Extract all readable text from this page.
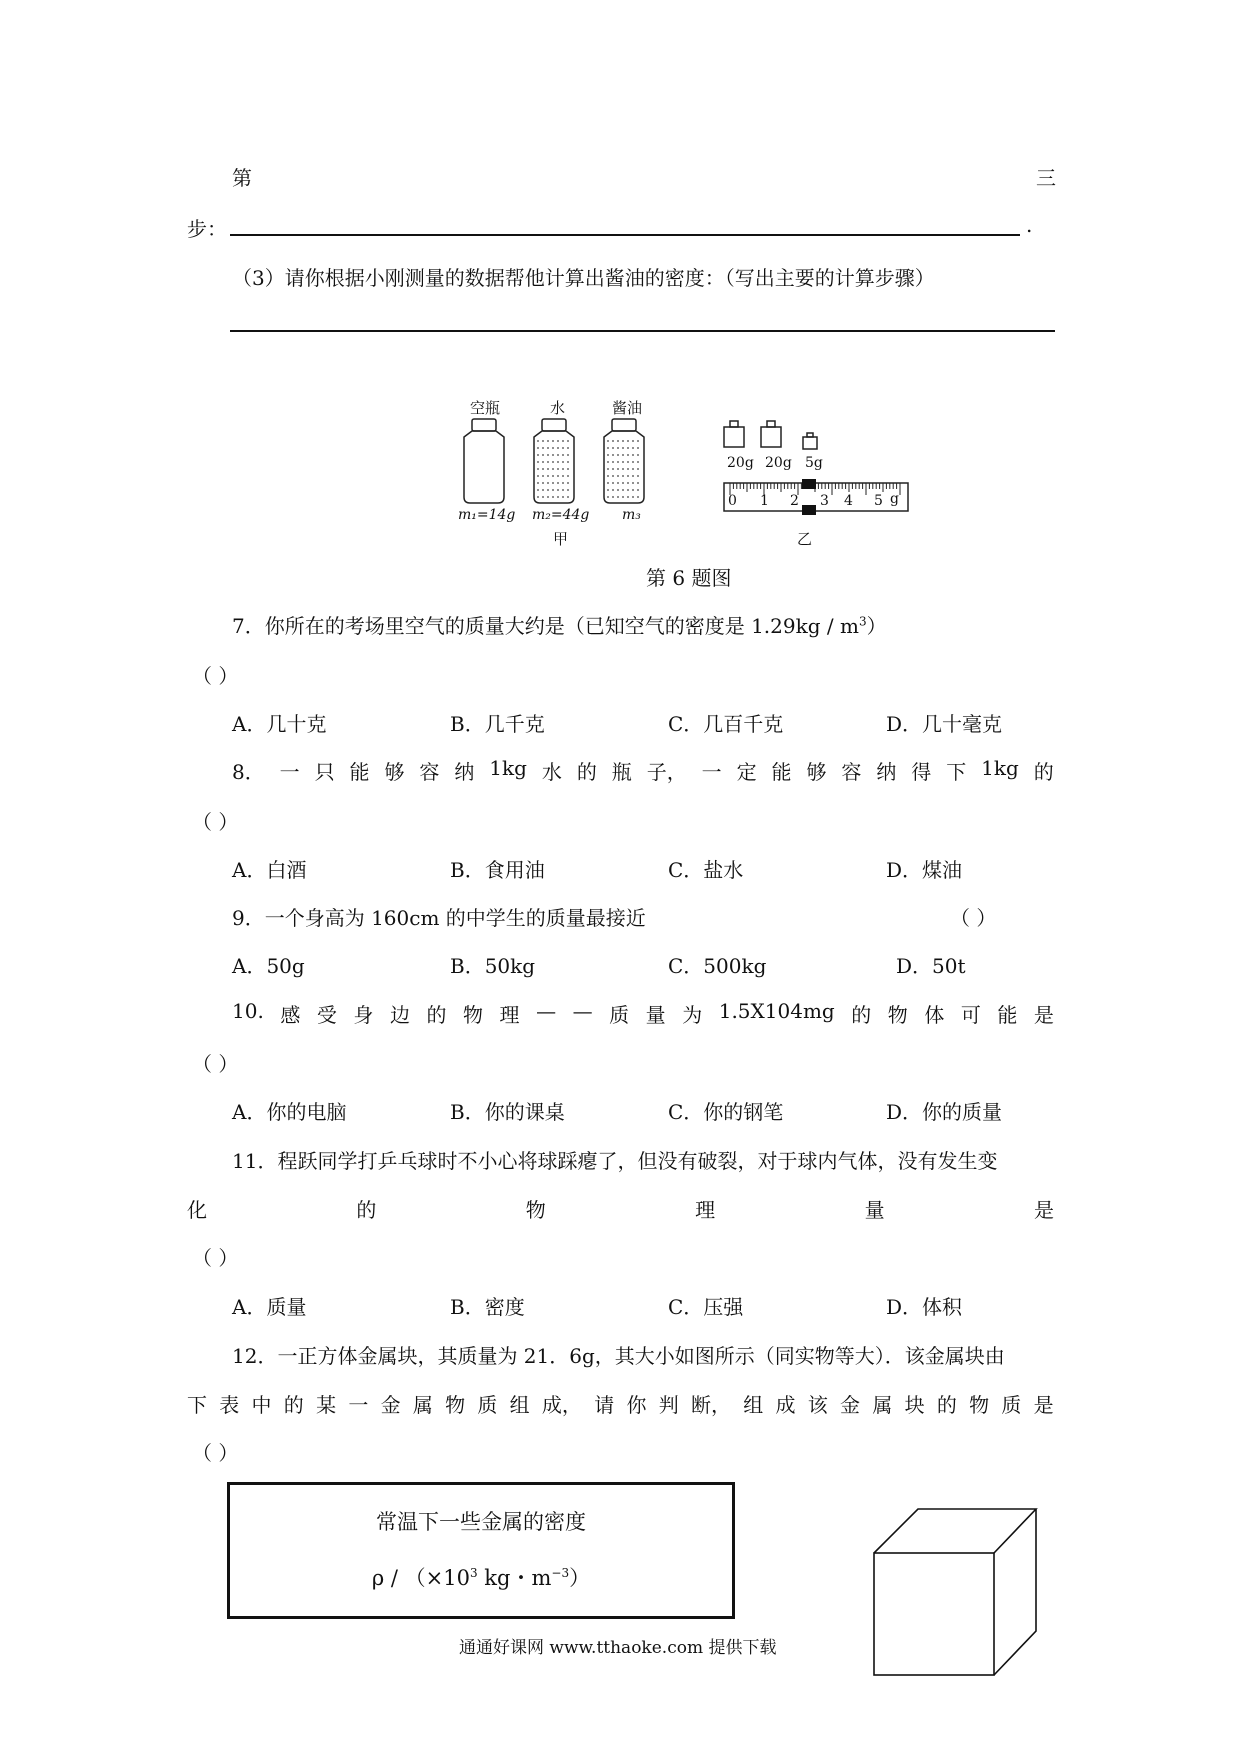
第	三
步：	.
（3）请你根据小刚测量的数据帮他计算出酱油的密度：（写出主要的计算步骤）
空瓶	水	酱油
m₁=14g m₂=44g m₃
甲
20g 20g 5g
0 1 2 3 4 5 g
乙
第 6 题图
7．你所在的考场里空气的质量大约是（已知空气的密度是 $1.29kg / m^3$）
（ ）
A．几十克	B．几千克	C．几百千克	D．几十毫克
8． 一 只 能 够 容 纳 1kg 水 的 瓶 子， 一 定 能 够 容 纳 得 下 1kg 的
（ ）
A．白酒	B．食用油	C．盐水	D．煤油
9．一个身高为 160cm 的中学生的质量最接近	（ ）
A．50g	B．50kg	C．500kg	D．50t
10. 感 受 身 边 的 物 理 — — 质 量 为 1.5X104mg 的 物 体 可 能 是
（ ）
A．你的电脑	B．你的课桌	C．你的钢笔	D．你的质量
11．程跃同学打乒乓球时不小心将球踩瘪了，但没有破裂，对于球内气体，没有发生变
化	的	物	理	量	是
（ ）
A．质量	B．密度	C．压强	D．体积
12．一正方体金属块，其质量为 21．6g，其大小如图所示（同实物等大）．该金属块由
下 表 中 的 某 一 金 属 物 质 组 成， 请 你 判 断， 组 成 该 金 属 块 的 物 质 是
（ ）
常温下一些金属的密度
$\rho / (\times 10^3$ kg・$m^{-3}$）
通通好课网 www.tthaoke.com 提供下载
